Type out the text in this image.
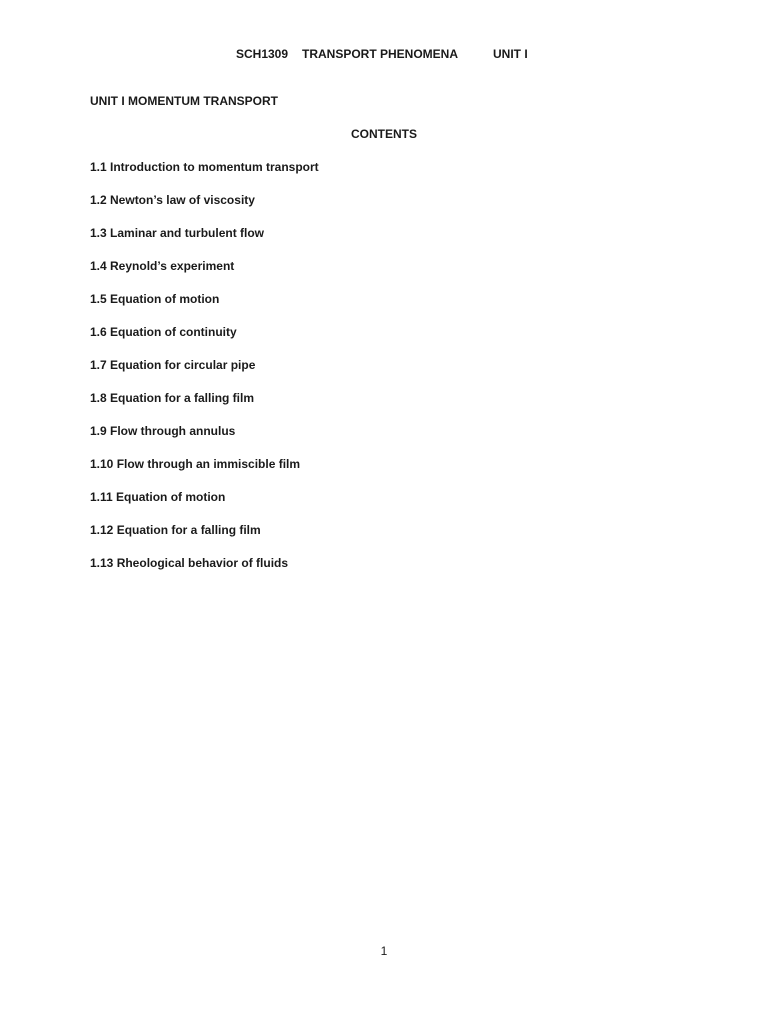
SCH1309 TRANSPORT PHENOMENA	UNIT I
UNIT I MOMENTUM TRANSPORT
CONTENTS
1.1 Introduction to momentum transport
1.2 Newton’s law of viscosity
1.3 Laminar and turbulent flow
1.4 Reynold’s experiment
1.5 Equation of motion
1.6 Equation of continuity
1.7 Equation for circular pipe
1.8 Equation for a falling film
1.9 Flow through annulus
1.10 Flow through an immiscible film
1.11 Equation of motion
1.12 Equation for a falling film
1.13 Rheological behavior of fluids
1
